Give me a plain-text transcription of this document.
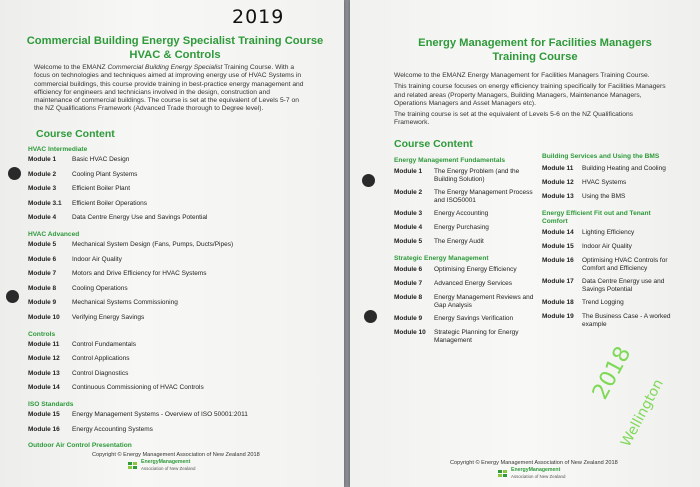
2019
Commercial Building Energy Specialist Training Course
HVAC & Controls
Welcome to the EMANZ Commercial Building Energy Specialist Training Course. With a focus on technologies and techniques aimed at improving energy use of HVAC Systems in commercial buildings, this course provide training in best-practice energy management and efficiency for engineers and technicians involved in the design, construction and maintenance of commercial buildings. The course is set at the equivalent of Levels 5-7 on the NZ Qualifications Framework (Advanced Trade thorough to Degree level).
Course Content
HVAC Intermediate
Module 1 Basic HVAC Design
Module 2 Cooling Plant Systems
Module 3 Efficient Boiler Plant
Module 3.1 Efficient Boiler Operations
Module 4 Data Centre Energy Use and Savings Potential
HVAC Advanced
Module 5 Mechanical System Design (Fans, Pumps, Ducts/Pipes)
Module 6 Indoor Air Quality
Module 7 Motors and Drive Efficiency for HVAC Systems
Module 8 Cooling Operations
Module 9 Mechanical Systems Commissioning
Module 10 Verifying Energy Savings
Controls
Module 11 Control Fundamentals
Module 12 Control Applications
Module 13 Control Diagnostics
Module 14 Continuous Commissioning of HVAC Controls
ISO Standards
Module 15 Energy Management Systems - Overview of ISO 50001:2011
Module 16 Energy Accounting Systems
Outdoor Air Control Presentation
Copyright © Energy Management Association of New Zealand 2018
EnergyManagement
Association of New Zealand
Energy Management for Facilities Managers
Training Course
Welcome to the EMANZ Energy Management for Facilities Managers Training Course.
This training course focuses on energy efficiency training specifically for Facilities Managers and related areas (Property Managers, Building Managers, Maintenance Managers, Operations Managers and Asset Managers etc).
The training course is set at the equivalent of Levels 5-6 on the NZ Qualifications Framework.
Course Content
Energy Management Fundamentals
Module 1 The Energy Problem (and the Building Solution)
Module 2 The Energy Management Process and ISO50001
Module 3 Energy Accounting
Module 4 Energy Purchasing
Module 5 The Energy Audit
Strategic Energy Management
Module 6 Optimising Energy Efficiency
Module 7 Advanced Energy Services
Module 8 Energy Management Reviews and Gap Analysis
Module 9 Energy Savings Verification
Module 10 Strategic Planning for Energy Management
Building Services and Using the BMS
Module 11 Building Heating and Cooling
Module 12 HVAC Systems
Module 13 Using the BMS
Energy Efficient Fit out and Tenant Comfort
Module 14 Lighting Efficiency
Module 15 Indoor Air Quality
Module 16 Optimising HVAC Controls for Comfort and Efficiency
Module 17 Data Centre Energy use and Savings Potential
Module 18 Trend Logging
Module 19 The Business Case - A worked example
2018
Wellington
Copyright © Energy Management Association of New Zealand 2018
EnergyManagement
Association of New Zealand
